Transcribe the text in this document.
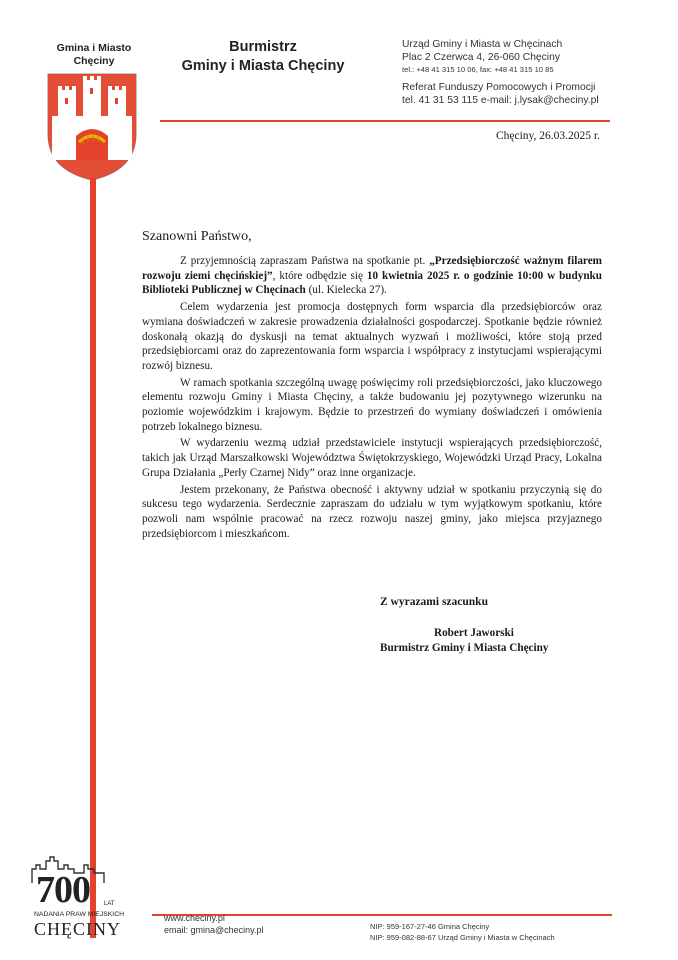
Gmina i Miasto
Chęciny
Burmistrz
Gminy i Miasta Chęciny
Urząd Gminy i Miasta w Chęcinach
Plac 2 Czerwca 4, 26-060 Chęciny
tel.: +48 41 315 10 06, fax: +48 41 315 10 85
Referat Funduszy Pomocowych i Promocji
tel. 41 31 53 115 e-mail: j.lysak@checiny.pl
Chęciny, 26.03.2025 r.
Szanowni Państwo,

Z przyjemnością zapraszam Państwa na spotkanie pt. „Przedsiębiorczość ważnym filarem rozwoju ziemi chęcińskiej”, które odbędzie się 10 kwietnia 2025 r. o godzinie 10:00 w budynku Biblioteki Publicznej w Chęcinach (ul. Kielecka 27).

Celem wydarzenia jest promocja dostępnych form wsparcia dla przedsiębiorców oraz wymiana doświadczeń w zakresie prowadzenia działalności gospodarczej. Spotkanie będzie również doskonałą okazją do dyskusji na temat aktualnych wyzwań i możliwości, które stoją przed przedsiębiorcami oraz do zaprezentowania form wsparcia i współpracy z instytucjami wspierającymi rozwój biznesu.

W ramach spotkania szczególną uwagę poświęcimy roli przedsiębiorczości, jako kluczowego elementu rozwoju Gminy i Miasta Chęciny, a także budowaniu jej pozytywnego wizerunku na poziomie wojewódzkim i krajowym. Będzie to przestrzeń do wymiany doświadczeń i omówienia potrzeb lokalnego biznesu.

W wydarzeniu wezmą udział przedstawiciele instytucji wspierających przedsiębiorczość, takich jak Urząd Marszałkowski Województwa Świętokrzyskiego, Wojewódzki Urząd Pracy, Lokalna Grupa Działania „Perły Czarnej Nidy” oraz inne organizacje.

Jestem przekonany, że Państwa obecność i aktywny udział w spotkaniu przyczynią się do sukcesu tego wydarzenia. Serdecznie zapraszam do udziału w tym wyjątkowym spotkaniu, które pozwoli nam wspólnie pracować na rzecz rozwoju naszej gminy, jako miejsca przyjaznego przedsiębiorcom i mieszkańcom.

Z wyrazami szacunku
Robert Jaworski
Burmistrz Gminy i Miasta Chęciny
700 LAT
NADANIA PRAW MIEJSKICH
CHĘCINY
www.checiny.pl
email: gmina@checiny.pl	NIP: 959-167-27-46 Gmina Chęciny
NIP: 959-082-88-67 Urząd Gminy i Miasta w Chęcinach
